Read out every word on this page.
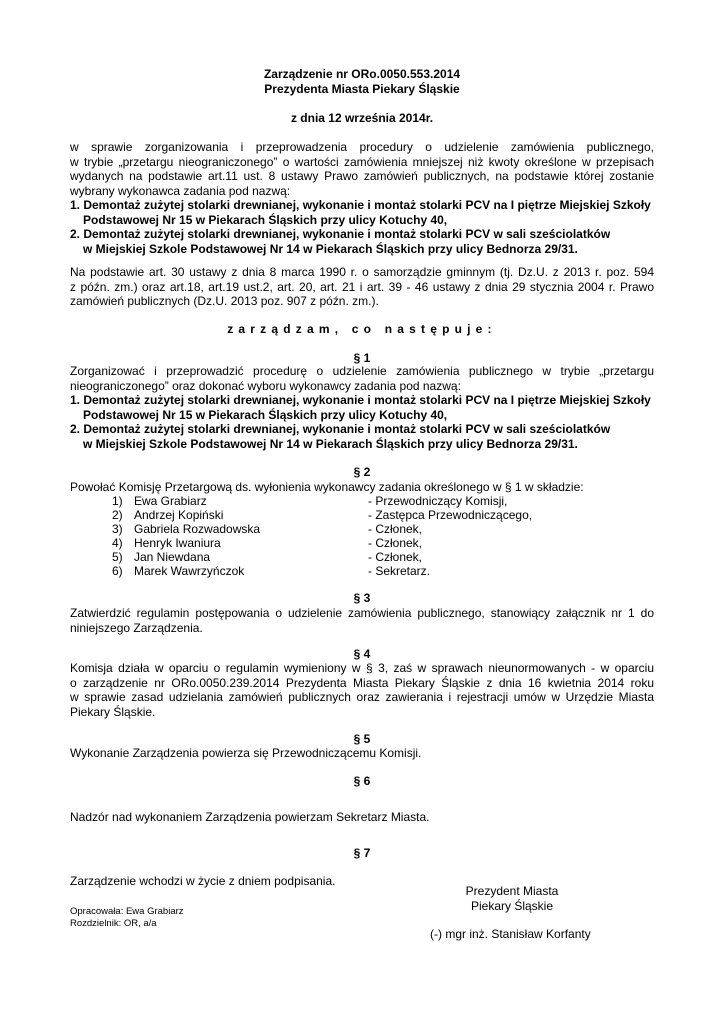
Zarządzenie nr ORo.0050.553.2014
Prezydenta Miasta Piekary Śląskie
z dnia 12 września 2014r.
w sprawie zorganizowania i przeprowadzenia procedury o udzielenie zamówienia publicznego,
w trybie „przetargu nieograniczonego” o wartości zamówienia mniejszej niż kwoty określone w przepisach
wydanych na podstawie art.11 ust. 8 ustawy Prawo zamówień publicznych, na podstawie której zostanie
wybrany wykonawca zadania pod nazwą:
1. Demontaż zużytej stolarki drewnianej, wykonanie i montaż stolarki PCV na I piętrze Miejskiej Szkoły
Podstawowej Nr 15 w Piekarach Śląskich przy ulicy Kotuchy 40,
2. Demontaż zużytej stolarki drewnianej, wykonanie i montaż stolarki PCV w sali sześciolatków
w Miejskiej Szkole Podstawowej Nr 14 w Piekarach Śląskich przy ulicy Bednorza 29/31.
Na podstawie art. 30 ustawy z dnia 8 marca 1990 r. o samorządzie gminnym (tj. Dz.U. z 2013 r. poz. 594
z późn. zm.) oraz art.18, art.19 ust.2, art. 20, art. 21 i art. 39 - 46 ustawy z dnia 29 stycznia 2004 r. Prawo
zamówień publicznych (Dz.U. 2013 poz. 907 z późn. zm.).
zarządzam, co następuje:
§ 1
Zorganizować i przeprowadzić procedurę o udzielenie zamówienia publicznego w trybie „przetargu
nieograniczonego” oraz dokonać wyboru wykonawcy zadania pod nazwą:
1. Demontaż zużytej stolarki drewnianej, wykonanie i montaż stolarki PCV na I piętrze Miejskiej Szkoły
Podstawowej Nr 15 w Piekarach Śląskich przy ulicy Kotuchy 40,
2. Demontaż zużytej stolarki drewnianej, wykonanie i montaż stolarki PCV w sali sześciolatków
w Miejskiej Szkole Podstawowej Nr 14 w Piekarach Śląskich przy ulicy Bednorza 29/31.
§ 2
Powołać Komisję Przetargową ds. wyłonienia wykonawcy zadania określonego w § 1 w składzie:
1) Ewa Grabiarz	- Przewodniczący Komisji,
2) Andrzej Kopiński	- Zastępca Przewodniczącego,
3) Gabriela Rozwadowska	- Członek,
4) Henryk Iwaniura	- Członek,
5) Jan Niewdana	- Członek,
6) Marek Wawrzyńczok	- Sekretarz.
§ 3
Zatwierdzić regulamin postępowania o udzielenie zamówienia publicznego, stanowiący załącznik nr 1 do
niniejszego Zarządzenia.
§ 4
Komisja działa w oparciu o regulamin wymieniony w § 3, zaś w sprawach nieunormowanych - w oparciu
o zarządzenie nr ORo.0050.239.2014 Prezydenta Miasta Piekary Śląskie z dnia 16 kwietnia 2014 roku
w sprawie zasad udzielania zamówień publicznych oraz zawierania i rejestracji umów w Urzędzie Miasta
Piekary Śląskie.
§ 5
Wykonanie Zarządzenia powierza się Przewodniczącemu Komisji.
§ 6
Nadzór nad wykonaniem Zarządzenia powierzam Sekretarz Miasta.
§ 7
Zarządzenie wchodzi w życie z dniem podpisania.
Prezydent Miasta
Piekary Śląskie
(-) mgr inż. Stanisław Korfanty
Opracowała: Ewa Grabiarz
Rozdzielnik: OR, a/a
